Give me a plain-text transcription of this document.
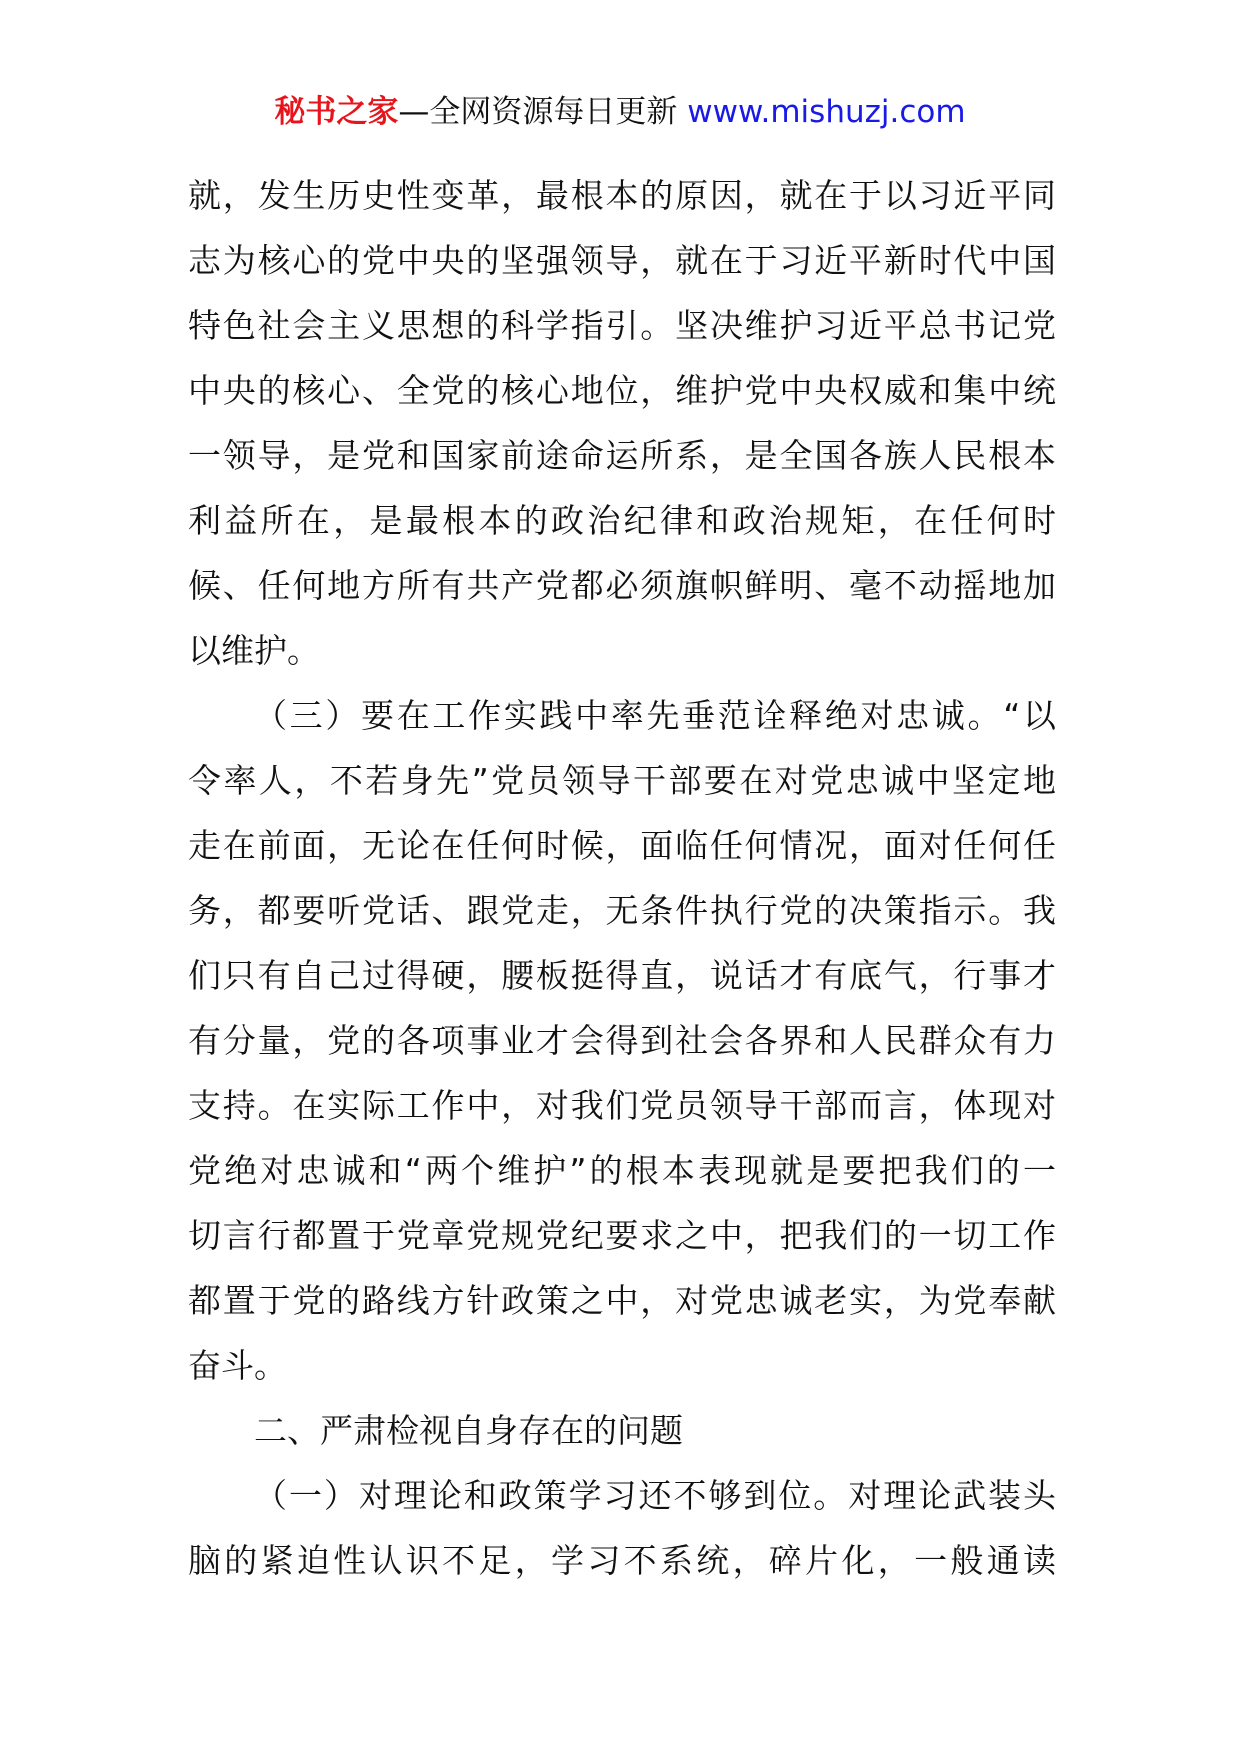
秘书之家—全网资源每日更新 www.mishuzj.com
就，发生历史性变革，最根本的原因，就在于以习近平同
志为核心的党中央的坚强领导，就在于习近平新时代中国
特色社会主义思想的科学指引。坚决维护习近平总书记党
中央的核心、全党的核心地位，维护党中央权威和集中统
一领导，是党和国家前途命运所系，是全国各族人民根本
利益所在，是最根本的政治纪律和政治规矩，在任何时
候、任何地方所有共产党都必须旗帜鲜明、毫不动摇地加
以维护。
（三）要在工作实践中率先垂范诠释绝对忠诚。“以
令率人，不若身先”党员领导干部要在对党忠诚中坚定地
走在前面，无论在任何时候，面临任何情况，面对任何任
务，都要听党话、跟党走，无条件执行党的决策指示。我
们只有自己过得硬，腰板挺得直，说话才有底气，行事才
有分量，党的各项事业才会得到社会各界和人民群众有力
支持。在实际工作中，对我们党员领导干部而言，体现对
党绝对忠诚和“两个维护”的根本表现就是要把我们的一
切言行都置于党章党规党纪要求之中，把我们的一切工作
都置于党的路线方针政策之中，对党忠诚老实，为党奉献
奋斗。
二、严肃检视自身存在的问题
（一）对理论和政策学习还不够到位。对理论武装头
脑的紧迫性认识不足，学习不系统，碎片化，一般通读
